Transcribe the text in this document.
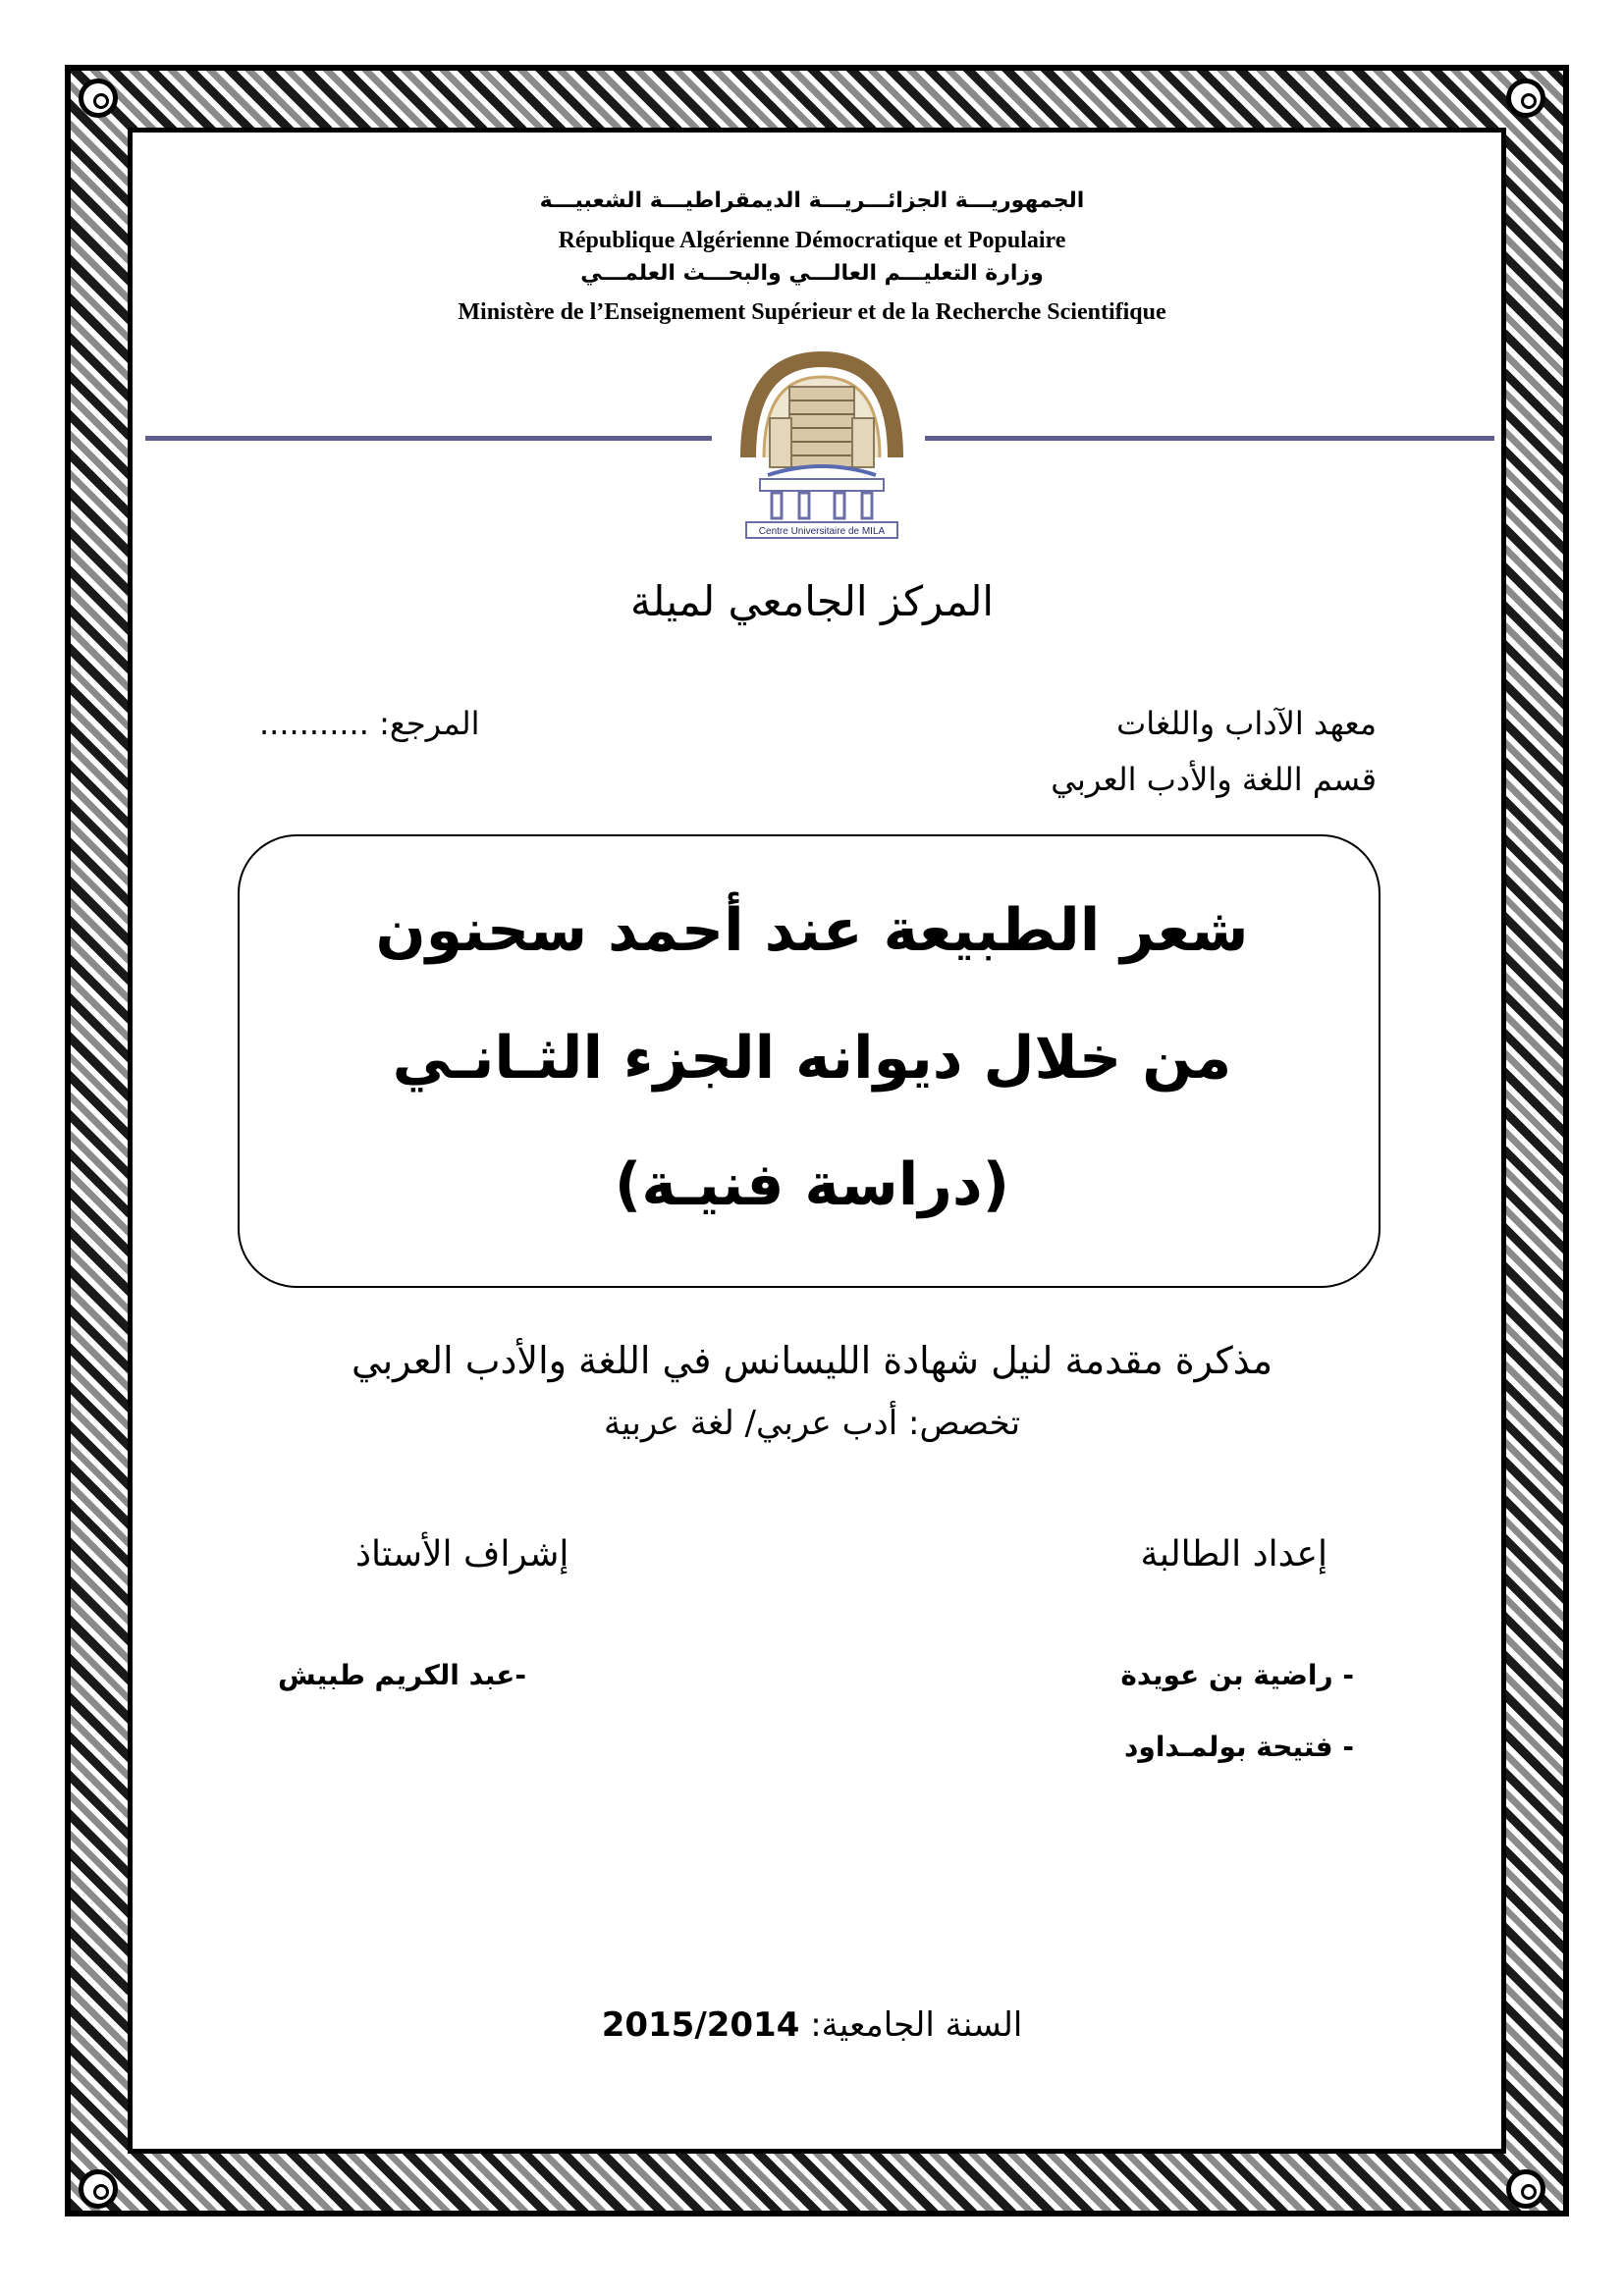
الجمهوريـــة الجزائـــريـــة الديمقراطيـــة الشعبيـــة
République Algérienne Démocratique et Populaire
وزارة التعليـــم العالـــي والبحـــث العلمـــي
Ministère de l’Enseignement Supérieur et de la Recherche Scientifique
Centre Universitaire de MILA
المركز الجامعي لميلة
معهد الآداب واللغات
قسم اللغة والأدب العربي
المرجع: ...........
شعر الطبيعة عند أحمد سحنون
من خلال ديوانه الجزء الثـانـي
(دراسة فنيـة)
مذكرة مقدمة لنيل شهادة الليسانس في اللغة والأدب العربي
تخصص: أدب عربي/ لغة عربية
إعداد الطالبة
إشراف الأستاذ
- راضية بن عويدة
- فتيحة بولمـداود
-عبد الكريم طبيش
السنة الجامعية: 2015/2014
